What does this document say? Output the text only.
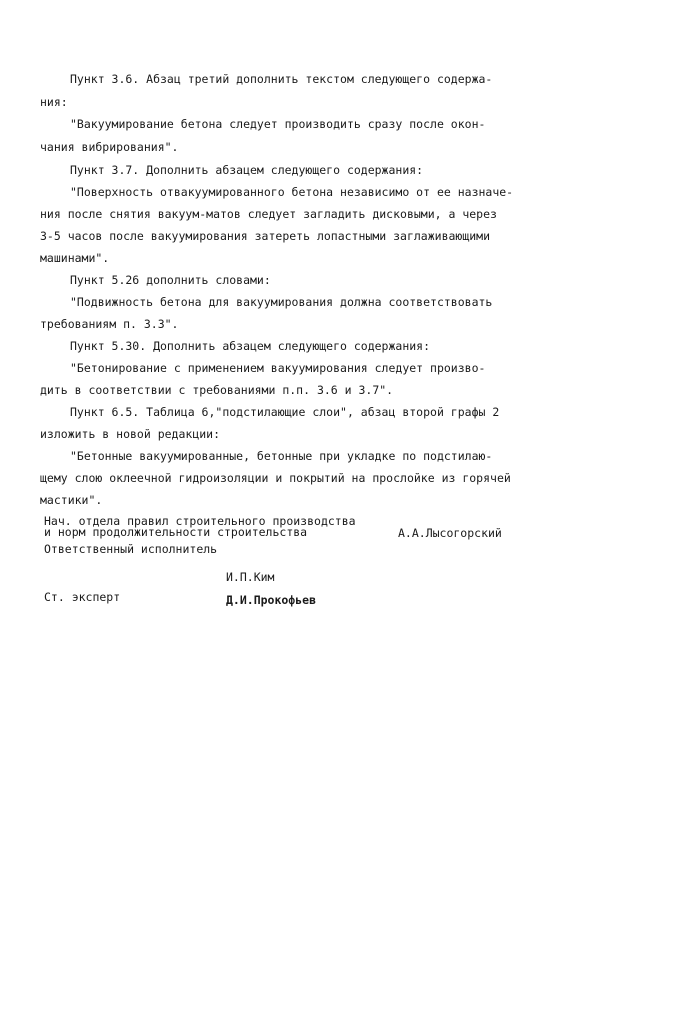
Пункт 3.6. Абзац третий дополнить текстом следующего содержа-
ния:
"Вакуумирование бетона следует производить сразу после окон-
чания вибрирования".
Пункт 3.7. Дополнить абзацем следующего содержания:
"Поверхность отвакуумированного бетона независимо от ее назначе-
ния после снятия вакуум-матов следует загладить дисковыми, а через
3-5 часов после вакуумирования затереть лопастными заглаживающими
машинами".
Пункт 5.26 дополнить словами:
"Подвижность бетона для вакуумирования должна соответствовать
требованиям п. 3.3".
Пункт 5.30. Дополнить абзацем следующего содержания:
"Бетонирование с применением вакуумирования следует произво-
дить в соответствии с требованиями п.п. 3.6 и 3.7".
Пункт 6.5. Таблица 6,"подстилающие слои", абзац второй графы 2
изложить в новой редакции:
"Бетонные вакуумированные, бетонные при укладке по подстилаю-
щему слою оклеечной гидроизоляции и покрытий на прослойке из горячей
мастики".
Нач. отдела правил строительного производства
и норм продолжительности строительства	А.А.Лысогорский
Ответственный исполнитель
И.П.Ким
Ст. эксперт	Д.И.Прокофьев
